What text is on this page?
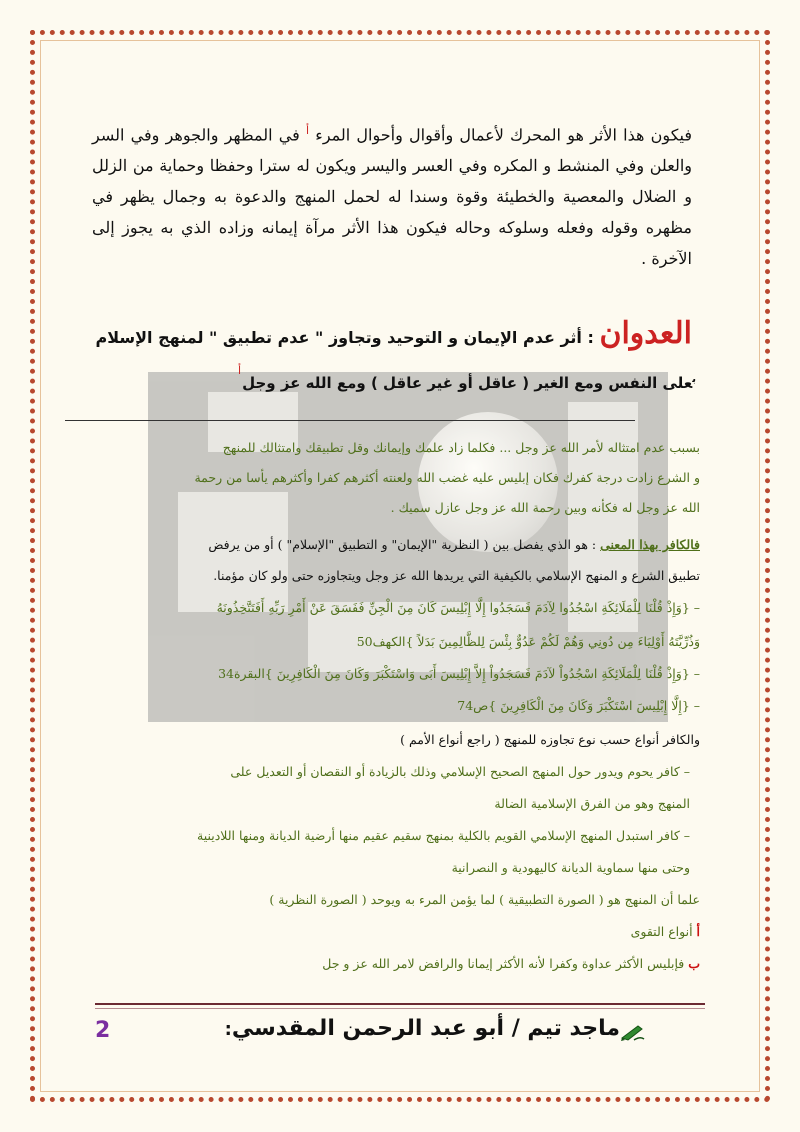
فيكون هذا الأثر هو المحرك لأعمال وأقوال وأحوال المرء $^أ$ في المظهر والجوهر وفي السر والعلن وفي المنشط و المكره وفي العسر واليسر ويكون له سترا وحفظا وحماية من الزلل و الضلال والمعصية والخطيئة وقوة وسندا له لحمل المنهج والدعوة به وجمال يظهر في مظهره وقوله وفعله وسلوكه وحاله فيكون هذا الأثر مرآة إيمانه وزاده الذي به يجوز إلى الآخرة .
العدوان : أثر عدم الإيمان و التوحيد وتجاوز " عدم تطبيق " لمنهج الإسلام
$^ب$على النفس ومع الغير ( عاقل أو غير عاقل ) ومع الله عز وجل
أ
بسبب عدم امتثاله لأمر الله عز وجل ... فكلما زاد علمك وإيمانك وقل تطبيقك وامتثالك للمنهج
و الشرع زادت درجة كفرك فكان إبليس عليه غضب الله ولعنته أكثرهم كفرا وأكثرهم يأسا من رحمة
الله عز وجل له فكأنه وبين رحمة الله عز وجل عازل سميك .
فالكافر بهذا المعنى : هو الذي يفصل بين ( النظرية "الإيمان" و التطبيق "الإسلام" ) أو من يرفض
تطبيق الشرع و المنهج الإسلامي بالكيفية التي يريدها الله عز وجل ويتجاوزه حتى ولو كان مؤمنا.
– {وَإِذْ قُلْنَا لِلْمَلَائِكَةِ اسْجُدُوا لِآدَمَ فَسَجَدُوا إِلَّا إِبْلِيسَ كَانَ مِنَ الْجِنِّ فَفَسَقَ عَنْ أَمْرِ رَبِّهِ أَفَتَتَّخِذُونَهُ
وَذُرِّيَّتَهُ أَوْلِيَاءَ مِن دُونِي وَهُمْ لَكُمْ عَدُوٌّ بِئْسَ لِلظَّالِمِينَ بَدَلاً }الكهف50
– {وَإِذْ قُلْنَا لِلْمَلَائِكَةِ اسْجُدُواْ لآدَمَ فَسَجَدُواْ إِلاَّ إِبْلِيسَ أَبَى وَاسْتَكْبَرَ وَكَانَ مِنَ الْكَافِرِينَ }البقرة34
– {إِلَّا إِبْلِيسَ اسْتَكْبَرَ وَكَانَ مِنَ الْكَافِرِينَ }ص74
والكافر أنواع حسب نوع تجاوزه للمنهج ( راجع أنواع الأمم )
– كافر يحوم ويدور حول المنهج الصحيح الإسلامي وذلك بالزيادة أو النقصان أو التعديل على
المنهج وهو من الفرق الإسلامية الضالة
– كافر استبدل المنهج الإسلامي القويم بالكلية بمنهج سقيم عقيم منها أرضية الديانة ومنها اللادينية
وحتى منها سماوية الديانة كاليهودية و النصرانية
علما أن المنهج هو ( الصورة التطبيقية ) لما يؤمن المرء به ويوحد ( الصورة النظرية )
أ أنواع التقوى
ب فإبليس الأكثر عداوة وكفرا لأنه الأكثر إيمانا والرافض لامر الله عز و جل
2	ماجد تيم / أبو عبد الرحمن المقدسي:
